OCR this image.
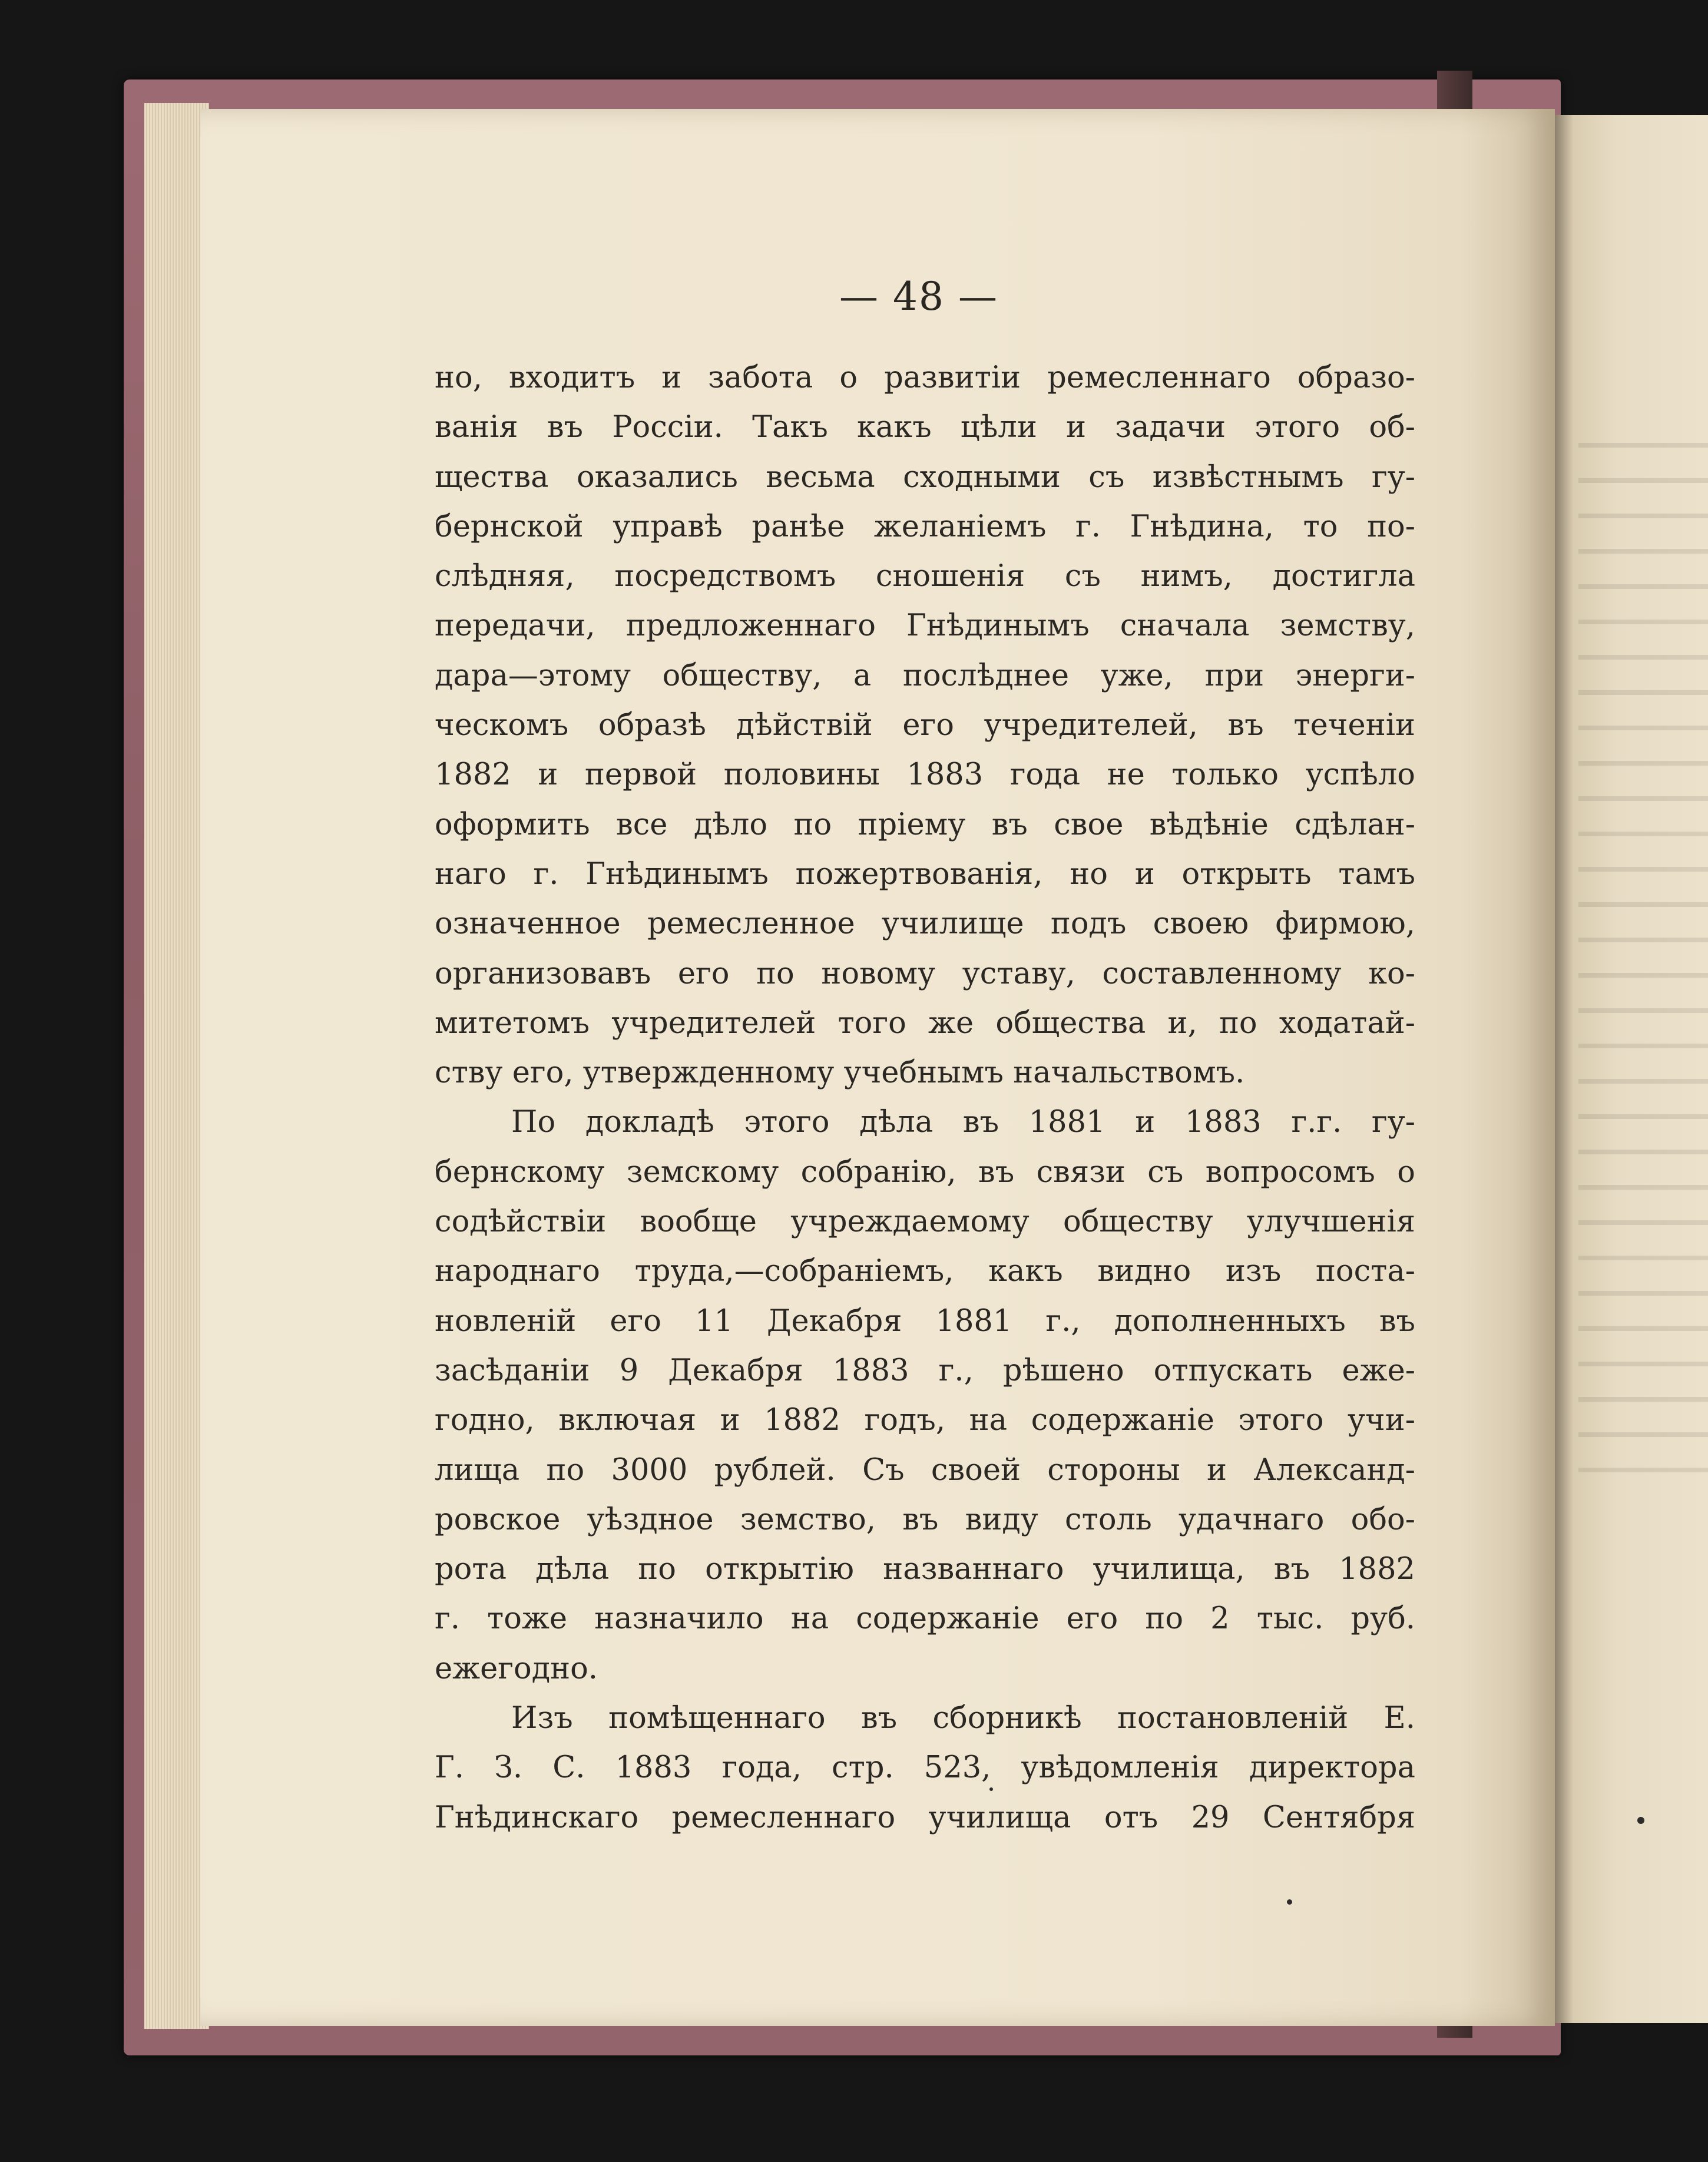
— 48 —
но, входитъ и забота о развитіи ремесленнаго образо-
ванія въ Россіи. Такъ какъ цѣли и задачи этого об-
щества оказались весьма сходными съ извѣстнымъ гу-
бернской управѣ ранѣе желаніемъ г. Гнѣдина, то по-
слѣдняя, посредствомъ сношенія съ нимъ, достигла
передачи, предложеннаго Гнѣдинымъ сначала земству,
дара—этому обществу, а послѣднее уже, при энерги-
ческомъ образѣ дѣйствій его учредителей, въ теченіи
1882 и первой половины 1883 года не только успѣло
оформить все дѣло по пріему въ свое вѣдѣніе сдѣлан-
наго г. Гнѣдинымъ пожертвованія, но и открыть тамъ
означенное ремесленное училище подъ своею фирмою,
организовавъ его по новому уставу, составленному ко-
митетомъ учредителей того же общества и, по ходатай-
ству его, утвержденному учебнымъ начальствомъ.
По докладѣ этого дѣла въ 1881 и 1883 г.г. гу-
бернскому земскому собранію, въ связи съ вопросомъ о
содѣйствіи вообще учреждаемому обществу улучшенія
народнаго труда,—собраніемъ, какъ видно изъ поста-
новленій его 11 Декабря 1881 г., дополненныхъ въ
засѣданіи 9 Декабря 1883 г., рѣшено отпускать еже-
годно, включая и 1882 годъ, на содержаніе этого учи-
лища по 3000 рублей. Съ своей стороны и Александ-
ровское уѣздное земство, въ виду столь удачнаго обо-
рота дѣла по открытію названнаго училища, въ 1882
г. тоже назначило на содержаніе его по 2 тыс. руб.
ежегодно.
Изъ помѣщеннаго въ сборникѣ постановленій Е.
Г. З. С. 1883 года, стр. 523, увѣдомленія директора
Гнѣдинскаго ремесленнаго училища отъ 29 Сентября
